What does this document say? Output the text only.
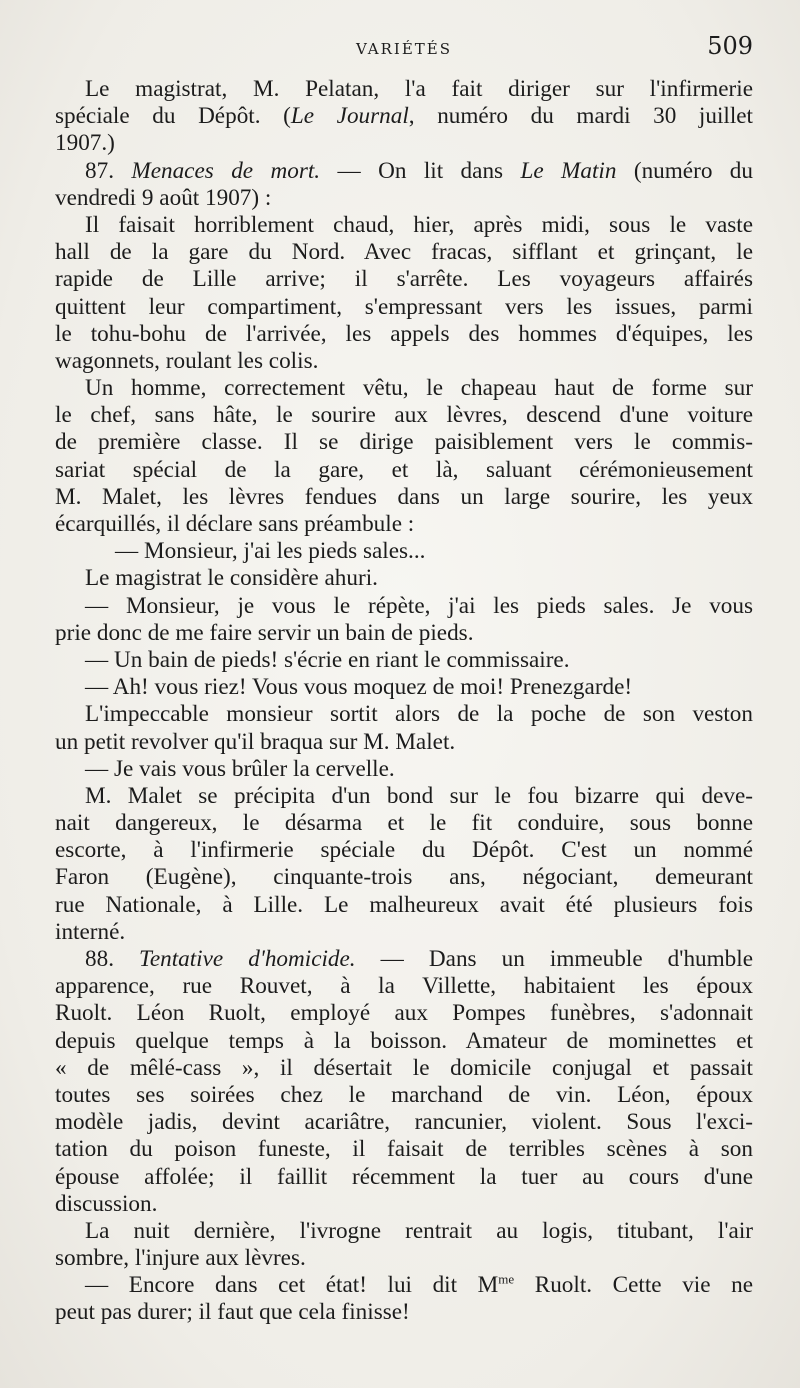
VARIÉTÉS	509
Le magistrat, M. Pelatan, l'a fait diriger sur l'infirmerie
spéciale du Dépôt. (Le Journal, numéro du mardi 30 juillet
1907.)
87. Menaces de mort. — On lit dans Le Matin (numéro du
vendredi 9 août 1907) :
Il faisait horriblement chaud, hier, après midi, sous le vaste
hall de la gare du Nord. Avec fracas, sifflant et grinçant, le
rapide de Lille arrive; il s'arrête. Les voyageurs affairés
quittent leur compartiment, s'empressant vers les issues, parmi
le tohu-bohu de l'arrivée, les appels des hommes d'équipes, les
wagonnets, roulant les colis.
Un homme, correctement vêtu, le chapeau haut de forme sur
le chef, sans hâte, le sourire aux lèvres, descend d'une voiture
de première classe. Il se dirige paisiblement vers le commis-
sariat spécial de la gare, et là, saluant cérémonieusement
M. Malet, les lèvres fendues dans un large sourire, les yeux
écarquillés, il déclare sans préambule :
— Monsieur, j'ai les pieds sales...
Le magistrat le considère ahuri.
— Monsieur, je vous le répète, j'ai les pieds sales. Je vous
prie donc de me faire servir un bain de pieds.
— Un bain de pieds! s'écrie en riant le commissaire.
— Ah! vous riez! Vous vous moquez de moi! Prenezgarde!
L'impeccable monsieur sortit alors de la poche de son veston
un petit revolver qu'il braqua sur M. Malet.
— Je vais vous brûler la cervelle.
M. Malet se précipita d'un bond sur le fou bizarre qui deve-
nait dangereux, le désarma et le fit conduire, sous bonne
escorte, à l'infirmerie spéciale du Dépôt. C'est un nommé
Faron (Eugène), cinquante-trois ans, négociant, demeurant
rue Nationale, à Lille. Le malheureux avait été plusieurs fois
interné.
88. Tentative d'homicide. — Dans un immeuble d'humble
apparence, rue Rouvet, à la Villette, habitaient les époux
Ruolt. Léon Ruolt, employé aux Pompes funèbres, s'adonnait
depuis quelque temps à la boisson. Amateur de mominettes et
« de mêlé-cass », il désertait le domicile conjugal et passait
toutes ses soirées chez le marchand de vin. Léon, époux
modèle jadis, devint acariâtre, rancunier, violent. Sous l'exci-
tation du poison funeste, il faisait de terribles scènes à son
épouse affolée; il faillit récemment la tuer au cours d'une
discussion.
La nuit dernière, l'ivrogne rentrait au logis, titubant, l'air
sombre, l'injure aux lèvres.
— Encore dans cet état! lui dit $M^{me}$ Ruolt. Cette vie ne
peut pas durer; il faut que cela finisse!
